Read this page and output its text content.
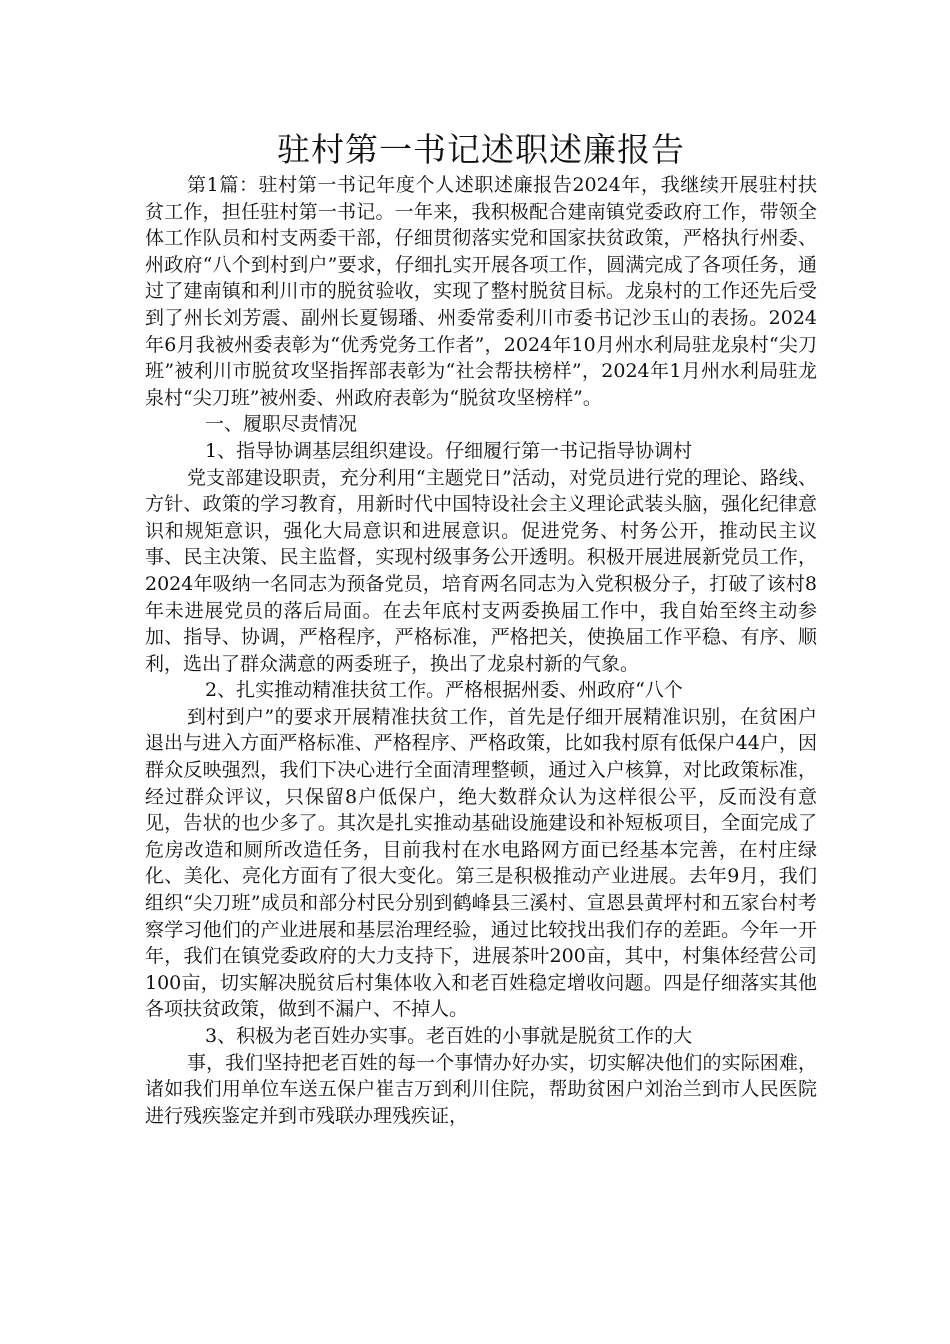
驻村第一书记述职述廉报告

第1篇：驻村第一书记年度个人述职述廉报告2024年，我继续开展驻村扶贫工作，担任驻村第一书记。一年来，我积极配合建南镇党委政府工作，带领全体工作队员和村支两委干部，仔细贯彻落实党和国家扶贫政策，严格执行州委、州政府“八个到村到户”要求，仔细扎实开展各项工作，圆满完成了各项任务，通过了建南镇和利川市的脱贫验收，实现了整村脱贫目标。龙泉村的工作还先后受到了州长刘芳震、副州长夏锡璠、州委常委利川市委书记沙玉山的表扬。2024年6月我被州委表彰为“优秀党务工作者”，2024年10月州水利局驻龙泉村“尖刀班”被利川市脱贫攻坚指挥部表彰为“社会帮扶榜样”，2024年1月州水利局驻龙泉村“尖刀班”被州委、州政府表彰为“脱贫攻坚榜样”。

一、履职尽责情况

1、指导协调基层组织建设。仔细履行第一书记指导协调村

党支部建设职责，充分利用“主题党日”活动，对党员进行党的理论、路线、方针、政策的学习教育，用新时代中国特设社会主义理论武装头脑，强化纪律意识和规矩意识，强化大局意识和进展意识。促进党务、村务公开，推动民主议事、民主决策、民主监督，实现村级事务公开透明。积极开展进展新党员工作，2024年吸纳一名同志为预备党员，培育两名同志为入党积极分子，打破了该村8年未进展党员的落后局面。在去年底村支两委换届工作中，我自始至终主动参加、指导、协调，严格程序，严格标准，严格把关，使换届工作平稳、有序、顺利，选出了群众满意的两委班子，换出了龙泉村新的气象。

2、扎实推动精准扶贫工作。严格根据州委、州政府“八个

到村到户”的要求开展精准扶贫工作，首先是仔细开展精准识别，在贫困户退出与进入方面严格标准、严格程序、严格政策，比如我村原有低保户44户，因群众反映强烈，我们下决心进行全面清理整顿，通过入户核算，对比政策标准，经过群众评议，只保留8户低保户，绝大数群众认为这样很公平，反而没有意见，告状的也少多了。其次是扎实推动基础设施建设和补短板项目，全面完成了危房改造和厕所改造任务，目前我村在水电路网方面已经基本完善，在村庄绿化、美化、亮化方面有了很大变化。第三是积极推动产业进展。去年9月，我们组织“尖刀班”成员和部分村民分别到鹤峰县三溪村、宣恩县黄坪村和五家台村考察学习他们的产业进展和基层治理经验，通过比较找出我们存的差距。今年一开年，我们在镇党委政府的大力支持下，进展茶叶200亩，其中，村集体经营公司100亩，切实解决脱贫后村集体收入和老百姓稳定增收问题。四是仔细落实其他各项扶贫政策，做到不漏户、不掉人。

3、积极为老百姓办实事。老百姓的小事就是脱贫工作的大

事，我们坚持把老百姓的每一个事情办好办实，切实解决他们的实际困难，诸如我们用单位车送五保户崔吉万到利川住院，帮助贫困户刘治兰到市人民医院进行残疾鉴定并到市残联办理残疾证，
